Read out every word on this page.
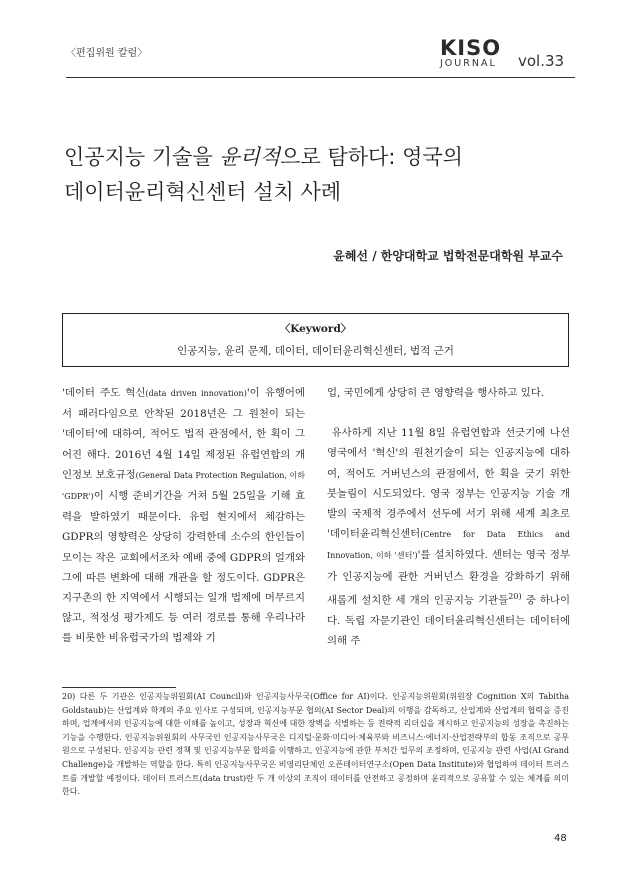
〈편집위원 칼럼〉	KISO
JOURNAL vol.33
인공지능 기술을 윤리적으로 탐하다: 영국의
데이터윤리혁신센터 설치 사례
윤혜선 / 한양대학교 법학전문대학원 부교수
〈Keyword〉
인공지능, 윤리 문제, 데이터, 데이터윤리혁신센터, 법적 근거

'데이터 주도 혁신(data driven innovation)'이 유행어에서 패러다임으로 안착된 2018년은 그 원천이 되는 '데이터'에 대하여, 적어도 법적 관점에서, 한 획이 그어진 해다. 2016년 4월 14일 제정된 유럽연합의 개인정보 보호규정(General Data Protection Regulation, 이하 'GDPR')이 시행 준비기간을 거쳐 5월 25일을 기해 효력을 발하였기 때문이다. 유럽 현지에서 체감하는 GDPR의 영향력은 상당히 강력한데 소수의 한인들이 모이는 작은 교회에서조차 예배 중에 GDPR의 얼개와 그에 따른 변화에 대해 개관을 할 정도이다. GDPR은 지구촌의 한 지역에서 시행되는 일개 법제에 머무르지 않고, 적정성 평가제도 등 여러 경로를 통해 우리나라를 비롯한 비유럽국가의 법제와 기

업, 국민에게 상당히 큰 영향력을 행사하고 있다.

유사하게 지난 11월 8일 유럽연합과 선긋기에 나선 영국에서 '혁신'의 원천기술이 되는 인공지능에 대하여, 적어도 거버넌스의 관점에서, 한 획을 긋기 위한 붓놀림이 시도되었다. 영국 정부는 인공지능 기술 개발의 국제적 경주에서 선두에 서기 위해 세계 최초로 '데이터윤리혁신센터(Centre for Data Ethics and Innovation, 이하 '센터')'를 설치하였다. 센터는 영국 정부가 인공지능에 관한 거버넌스 환경을 강화하기 위해 새롭게 설치한 세 개의 인공지능 기관들$^{20)}$ 중 하나이다. 독립 자문기관인 데이터윤리혁신센터는 데이터에 의해 주

20) 다른 두 기관은 인공지능위원회(AI Council)와 인공지능사무국(Office for AI)이다. 인공지능위원회(위원장 Cognition X의 Tabitha Goldstaub)는 산업계와 학계의 주요 인사로 구성되며, 인공지능부문 협의(AI Sector Deal)의 이행을 감독하고, 산업계와 산업계의 협력을 증진하며, 업계에서의 인공지능에 대한 이해를 높이고, 성장과 혁신에 대한 장벽을 식별하는 등 전략적 리더십을 제시하고 인공지능의 성장을 촉진하는 기능을 수행한다. 인공지능위원회의 사무국인 인공지능사무국은 디지털·문화·미디어·체육부와 비즈니스·에너지·산업전략부의 합동 조직으로 공무원으로 구성된다. 인공지능 관련 정책 및 인공지능부문 합의를 이행하고, 인공지능에 관한 부처간 업무의 조정하며, 인공지능 관련 사업(AI Grand Challenge)을 개발하는 역할을 한다. 특히 인공지능사무국은 비영리단체인 오픈데이터연구소(Open Data Institute)와 협업하여 데이터 트러스트를 개발할 예정이다. 데이터 트러스트(data trust)란 두 개 이상의 조직이 데이터를 안전하고 공정하며 윤리적으로 공유할 수 있는 체계를 의미한다.

48
